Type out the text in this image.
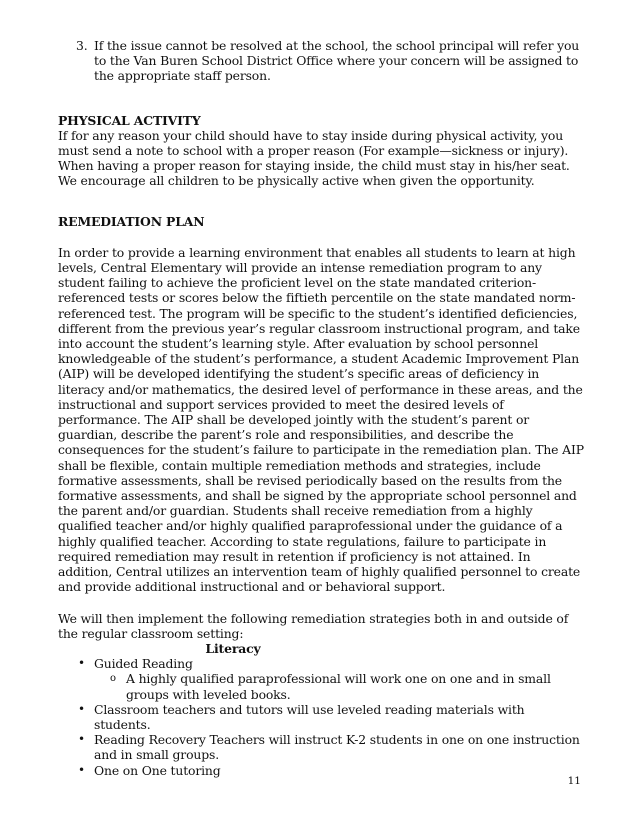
3. If the issue cannot be resolved at the school, the school principal will refer you to the Van Buren School District Office where your concern will be assigned to the appropriate staff person.
PHYSICAL ACTIVITY

If for any reason your child should have to stay inside during physical activity, you must send a note to school with a proper reason (For example—sickness or injury). When having a proper reason for staying inside, the child must stay in his/her seat. We encourage all children to be physically active when given the opportunity.

REMEDIATION PLAN

In order to provide a learning environment that enables all students to learn at high levels, Central Elementary will provide an intense remediation program to any student failing to achieve the proficient level on the state mandated criterion-referenced tests or scores below the fiftieth percentile on the state mandated norm-referenced test. The program will be specific to the student’s identified deficiencies, different from the previous year’s regular classroom instructional program, and take into account the student’s learning style. After evaluation by school personnel knowledgeable of the student’s performance, a student Academic Improvement Plan (AIP) will be developed identifying the student’s specific areas of deficiency in literacy and/or mathematics, the desired level of performance in these areas, and the instructional and support services provided to meet the desired levels of performance. The AIP shall be developed jointly with the student’s parent or guardian, describe the parent’s role and responsibilities, and describe the consequences for the student’s failure to participate in the remediation plan. The AIP shall be flexible, contain multiple remediation methods and strategies, include formative assessments, shall be revised periodically based on the results from the formative assessments, and shall be signed by the appropriate school personnel and the parent and/or guardian. Students shall receive remediation from a highly qualified teacher and/or highly qualified paraprofessional under the guidance of a highly qualified teacher. According to state regulations, failure to participate in required remediation may result in retention if proficiency is not attained. In addition, Central utilizes an intervention team of highly qualified personnel to create and provide additional instructional and or behavioral support.

We will then implement the following remediation strategies both in and outside of the regular classroom setting:

Literacy
• Guided Reading
o A highly qualified paraprofessional will work one on one and in small groups with leveled books.
• Classroom teachers and tutors will use leveled reading materials with students.
• Reading Recovery Teachers will instruct K-2 students in one on one instruction and in small groups.
• One on One tutoring
11
